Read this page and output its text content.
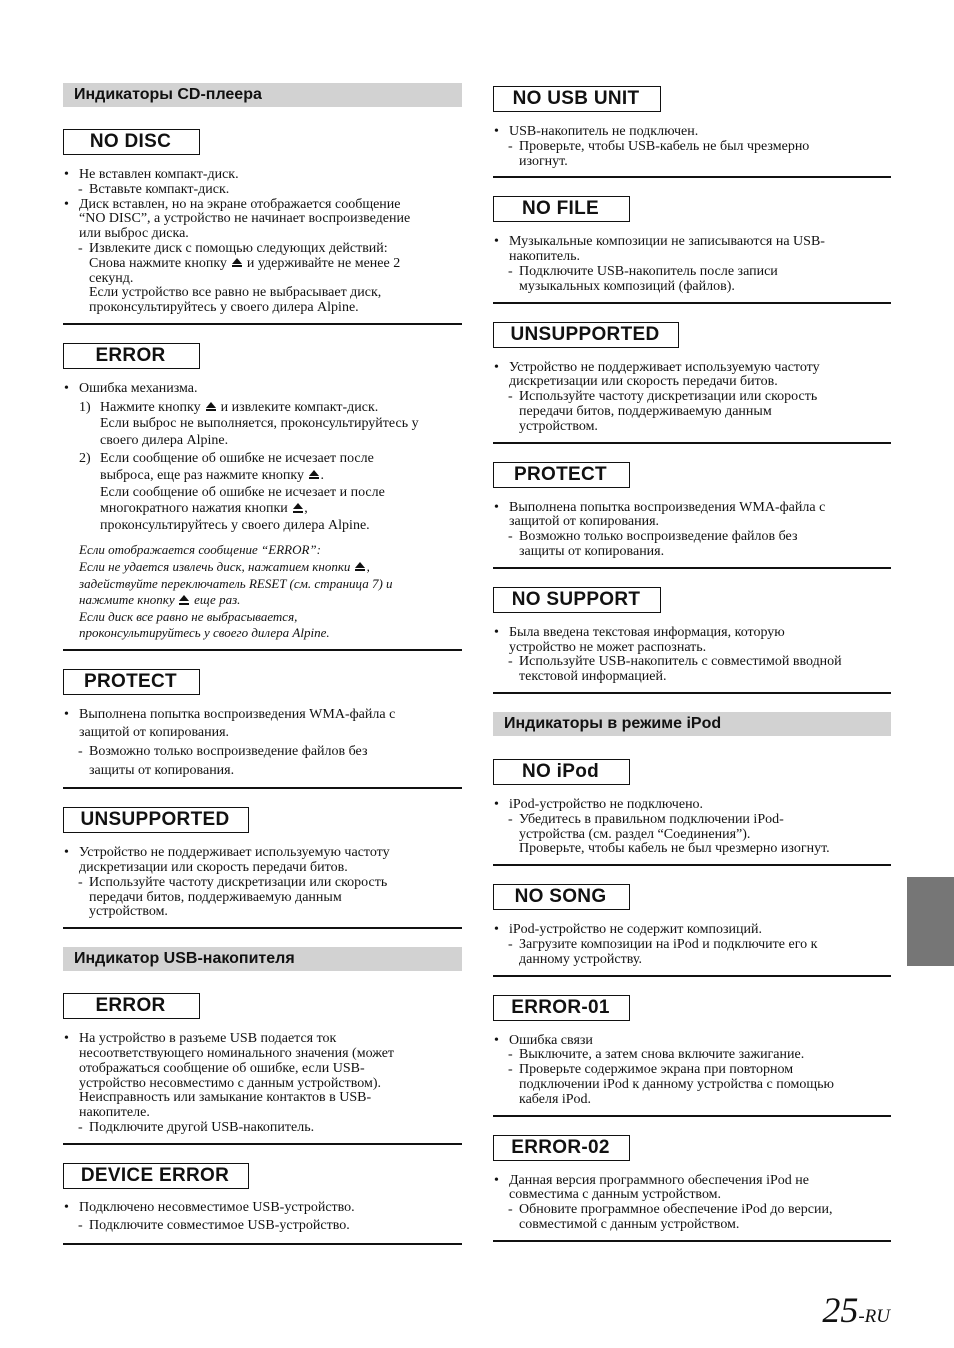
Индикаторы CD-плеера
NO DISC
• Не вставлен компакт-диск.
- Вставьте компакт-диск.
• Диск вставлен, но на экране отображается сообщение
“NO DISC”, а устройство не начинает воспроизведение
или выброс диска.
- Извлеките диск с помощью следующих действий:
Снова нажмите кнопку и удерживайте не менее 2
секунд.
Если устройство все равно не выбрасывает диск,
проконсультируйтесь у своего дилера Alpine.
ERROR
• Ошибка механизма.
1) Нажмите кнопку и извлеките компакт-диск.
Если выброс не выполняется, проконсультируйтесь у
своего дилера Alpine.
2) Если сообщение об ошибке не исчезает после
выброса, еще раз нажмите кнопку .
Если сообщение об ошибке не исчезает и после
многократного нажатия кнопки ,
проконсультируйтесь у своего дилера Alpine.
Если отображается сообщение “ERROR”:
Если не удается извлечь диск, нажатием кнопки ,
задействуйте переключатель RESET (см. страница 7) и
нажмите кнопку еще раз.
Если диск все равно не выбрасывается,
проконсультируйтесь у своего дилера Alpine.
PROTECT
• Выполнена попытка воспроизведения WMA-файла с
защитой от копирования.
- Возможно только воспроизведение файлов без
защиты от копирования.
UNSUPPORTED
• Устройство не поддерживает используемую частоту
дискретизации или скорость передачи битов.
- Используйте частоту дискретизации или скорость
передачи битов, поддерживаемую данным
устройством.
Индикатор USB-накопителя
ERROR
• На устройство в разъеме USB подается ток
несоответствующего номинального значения (может
отображаться сообщение об ошибке, если USB-
устройство несовместимо с данным устройством).
Неисправность или замыкание контактов в USB-
накопителе.
- Подключите другой USB-накопитель.
DEVICE ERROR
• Подключено несовместимое USB-устройство.
- Подключите совместимое USB-устройство.
NO USB UNIT
• USB-накопитель не подключен.
- Проверьте, чтобы USB-кабель не был чрезмерно
изогнут.
NO FILE
• Музыкальные композиции не записываются на USB-
накопитель.
- Подключите USB-накопитель после записи
музыкальных композиций (файлов).
UNSUPPORTED
• Устройство не поддерживает используемую частоту
дискретизации или скорость передачи битов.
- Используйте частоту дискретизации или скорость
передачи битов, поддерживаемую данным
устройством.
PROTECT
• Выполнена попытка воспроизведения WMA-файла с
защитой от копирования.
- Возможно только воспроизведение файлов без
защиты от копирования.
NO SUPPORT
• Была введена текстовая информация, которую
устройство не может распознать.
- Используйте USB-накопитель с совместимой вводной
текстовой информацией.
Индикаторы в режиме iPod
NO iPod
• iPod-устройство не подключено.
- Убедитесь в правильном подключении iPod-
устройства (см. раздел “Соединения”).
Проверьте, чтобы кабель не был чрезмерно изогнут.
NO SONG
• iPod-устройство не содержит композиций.
- Загрузите композиции на iPod и подключите его к
данному устройству.
ERROR-01
• Ошибка связи
- Выключите, а затем снова включите зажигание.
- Проверьте содержимое экрана при повторном
подключении iPod к данному устройства с помощью
кабеля iPod.
ERROR-02
• Данная версия программного обеспечения iPod не
совместима с данным устройством.
- Обновите программное обеспечение iPod до версии,
совместимой с данным устройством.
25-RU
